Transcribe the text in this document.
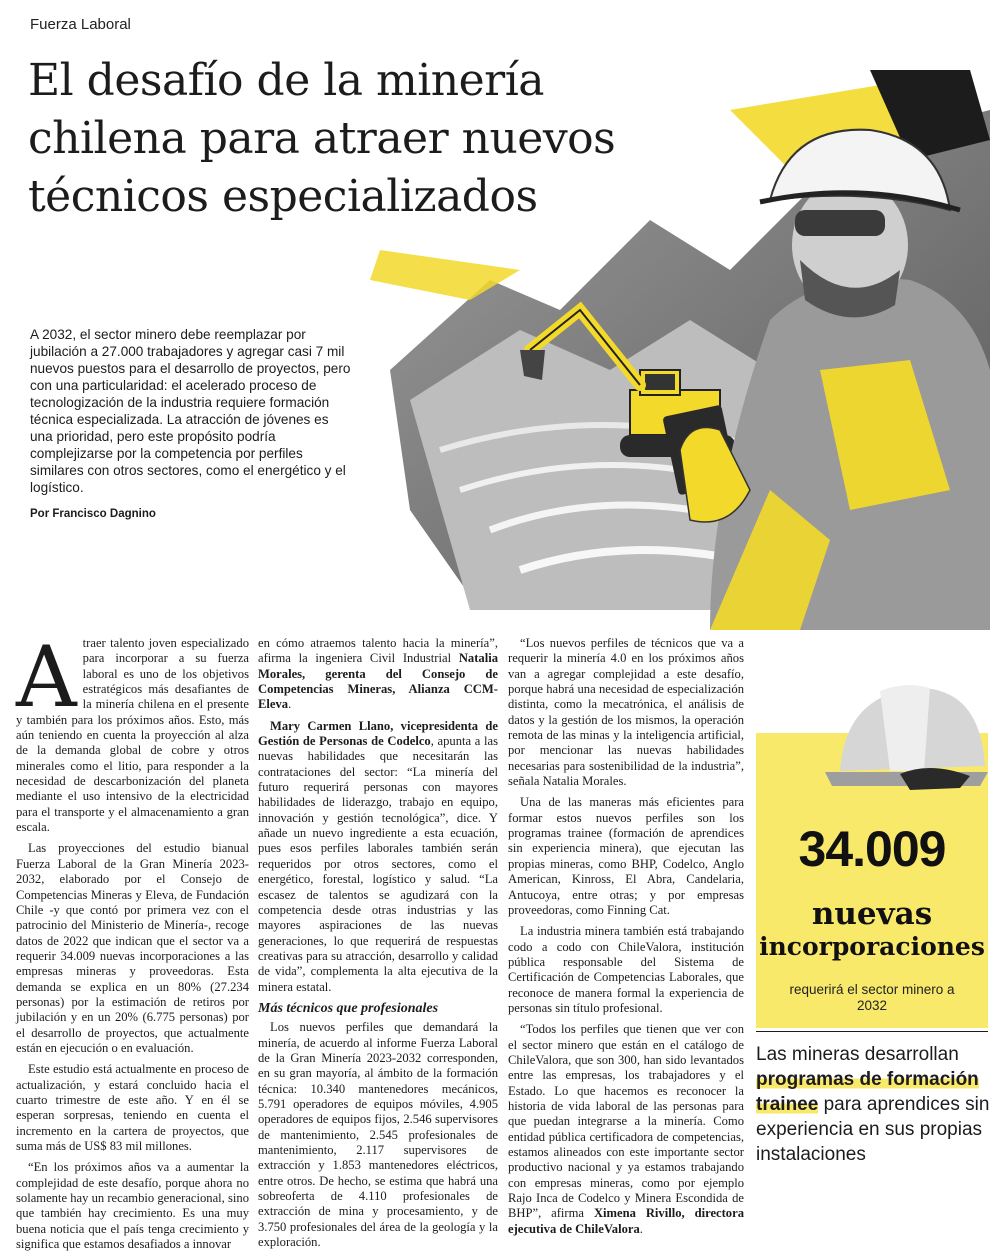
Fuerza Laboral
El desafío de la minería chilena para atraer nuevos técnicos especializados

A 2032, el sector minero debe reemplazar por jubilación a 27.000 trabajadores y agregar casi 7 mil nuevos puestos para el desarrollo de proyectos, pero con una particularidad: el acelerado proceso de tecnologización de la industria requiere formación técnica especializada. La atracción de jóvenes es una prioridad, pero este propósito podría complejizarse por la competencia por perfiles similares con otros sectores, como el energético y el logístico.

Por Francisco Dagnino

Atraer talento joven especializado para incorporar a su fuerza laboral es uno de los objetivos estratégicos más desafiantes de la minería chilena en el presente y también para los próximos años. Esto, más aún teniendo en cuenta la proyección al alza de la demanda global de cobre y otros minerales como el litio, para responder a la necesidad de descarbonización del planeta mediante el uso intensivo de la electricidad para el transporte y el almacenamiento a gran escala.

Las proyecciones del estudio bianual Fuerza Laboral de la Gran Minería 2023-2032, elaborado por el Consejo de Competencias Mineras y Eleva, de Fundación Chile -y que contó por primera vez con el patrocinio del Ministerio de Minería-, recoge datos de 2022 que indican que el sector va a requerir 34.009 nuevas incorporaciones a las empresas mineras y proveedoras. Esta demanda se explica en un 80% (27.234 personas) por la estimación de retiros por jubilación y en un 20% (6.775 personas) por el desarrollo de proyectos, que actualmente están en ejecución o en evaluación.

Este estudio está actualmente en proceso de actualización, y estará concluido hacia el cuarto trimestre de este año. Y en él se esperan sorpresas, teniendo en cuenta el incremento en la cartera de proyectos, que suma más de US$ 83 mil millones.

“En los próximos años va a aumentar la complejidad de este desafío, porque ahora no solamente hay un recambio generacional, sino que también hay crecimiento. Es una muy buena noticia que el país tenga crecimiento y significa que estamos desafiados a innovar

en cómo atraemos talento hacia la minería”, afirma la ingeniera Civil Industrial Natalia Morales, gerenta del Consejo de Competencias Mineras, Alianza CCM-Eleva.

Mary Carmen Llano, vicepresidenta de Gestión de Personas de Codelco, apunta a las nuevas habilidades que necesitarán las contrataciones del sector: “La minería del futuro requerirá personas con mayores habilidades de liderazgo, trabajo en equipo, innovación y gestión tecnológica”, dice. Y añade un nuevo ingrediente a esta ecuación, pues esos perfiles laborales también serán requeridos por otros sectores, como el energético, forestal, logístico y salud. “La escasez de talentos se agudizará con la competencia desde otras industrias y las mayores aspiraciones de las nuevas generaciones, lo que requerirá de respuestas creativas para su atracción, desarrollo y calidad de vida”, complementa la alta ejecutiva de la minera estatal.

Más técnicos que profesionales

Los nuevos perfiles que demandará la minería, de acuerdo al informe Fuerza Laboral de la Gran Minería 2023-2032 corresponden, en su gran mayoría, al ámbito de la formación técnica: 10.340 mantenedores mecánicos, 5.791 operadores de equipos móviles, 4.905 operadores de equipos fijos, 2.546 supervisores de mantenimiento, 2.545 profesionales de mantenimiento, 2.117 supervisores de extracción y 1.853 mantenedores eléctricos, entre otros. De hecho, se estima que habrá una sobreoferta de 4.110 profesionales de extracción de mina y procesamiento, y de 3.750 profesionales del área de la geología y la exploración.

“Los nuevos perfiles de técnicos que va a requerir la minería 4.0 en los próximos años van a agregar complejidad a este desafío, porque habrá una necesidad de especialización distinta, como la mecatrónica, el análisis de datos y la gestión de los mismos, la operación remota de las minas y la inteligencia artificial, por mencionar las nuevas habilidades necesarias para sostenibilidad de la industria”, señala Natalia Morales.

Una de las maneras más eficientes para formar estos nuevos perfiles son los programas trainee (formación de aprendices sin experiencia minera), que ejecutan las propias mineras, como BHP, Codelco, Anglo American, Kinross, El Abra, Candelaria, Antucoya, entre otras; y por empresas proveedoras, como Finning Cat.

La industria minera también está trabajando codo a codo con ChileValora, institución pública responsable del Sistema de Certificación de Competencias Laborales, que reconoce de manera formal la experiencia de personas sin título profesional.

“Todos los perfiles que tienen que ver con el sector minero que están en el catálogo de ChileValora, que son 300, han sido levantados entre las empresas, los trabajadores y el Estado. Lo que hacemos es reconocer la historia de vida laboral de las personas para que puedan integrarse a la minería. Como entidad pública certificadora de competencias, estamos alineados con este importante sector productivo nacional y ya estamos trabajando con empresas mineras, como por ejemplo Rajo Inca de Codelco y Minera Escondida de BHP”, afirma Ximena Rivillo, directora ejecutiva de ChileValora.

34.009
nuevas
incorporaciones
requerirá el sector minero a 2032
Las mineras desarrollan programas de formación trainee para aprendices sin experiencia en sus propias instalaciones
